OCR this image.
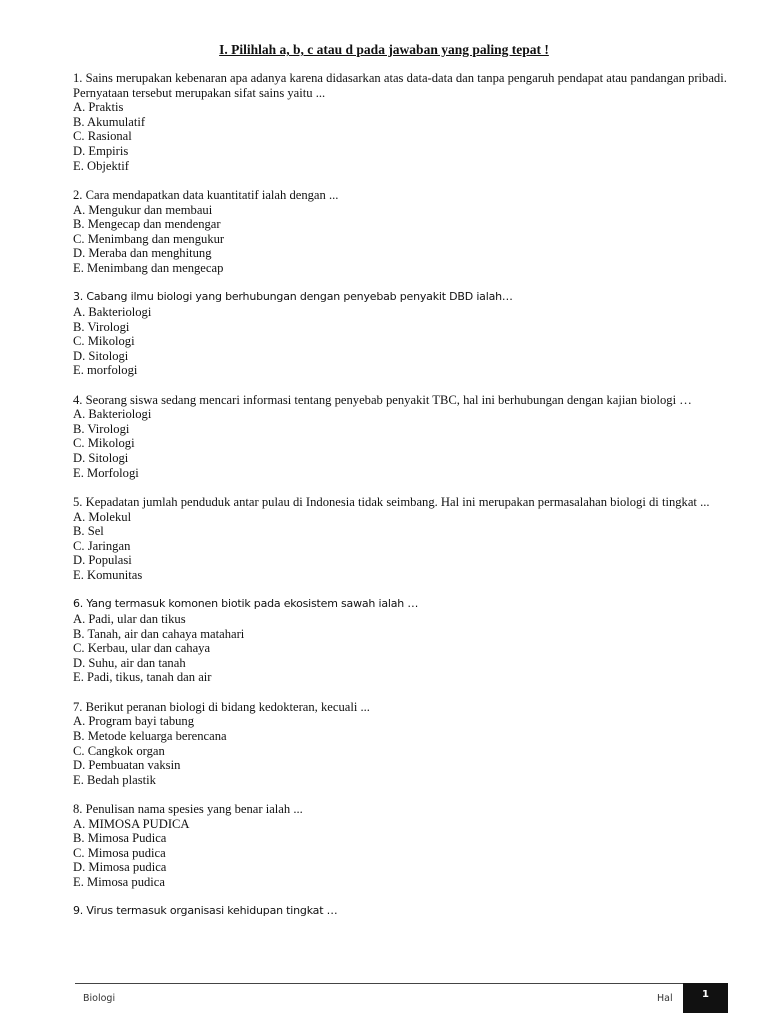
I. Pilihlah a, b, c atau d pada jawaban yang paling tepat !

1. Sains merupakan kebenaran apa adanya karena didasarkan atas data-data dan tanpa pengaruh pendapat atau pandangan pribadi. Pernyataan tersebut merupakan sifat sains yaitu ...

A. Praktis
B. Akumulatif
C. Rasional
D. Empiris
E. Objektif

2. Cara mendapatkan data kuantitatif ialah dengan ...

A. Mengukur dan membaui
B. Mengecap dan mendengar
C. Menimbang dan mengukur
D. Meraba dan menghitung
E. Menimbang dan mengecap

3. Cabang ilmu biologi yang berhubungan dengan penyebab penyakit DBD ialah…

A. Bakteriologi
B. Virologi
C. Mikologi
D. Sitologi
E. morfologi

4. Seorang siswa sedang mencari informasi tentang penyebab penyakit TBC, hal ini berhubungan dengan kajian biologi …

A. Bakteriologi
B. Virologi
C. Mikologi
D. Sitologi
E. Morfologi

5. Kepadatan jumlah penduduk antar pulau di Indonesia tidak seimbang. Hal ini merupakan permasalahan biologi di tingkat ...

A. Molekul
B. Sel
C. Jaringan
D. Populasi
E. Komunitas

6. Yang termasuk komonen biotik pada ekosistem sawah ialah …

A. Padi, ular dan tikus
B. Tanah, air dan cahaya matahari
C. Kerbau, ular dan cahaya
D. Suhu, air dan tanah
E. Padi, tikus, tanah dan air

7. Berikut peranan biologi di bidang kedokteran, kecuali ...

A. Program bayi tabung
B. Metode keluarga berencana
C. Cangkok organ
D. Pembuatan vaksin
E. Bedah plastik

8. Penulisan nama spesies yang benar ialah ...

A. MIMOSA PUDICA
B. Mimosa Pudica
C. Mimosa pudica
D. Mimosa pudica
E. Mimosa pudica

9. Virus termasuk organisasi kehidupan tingkat …

Biologi	Hal	1
